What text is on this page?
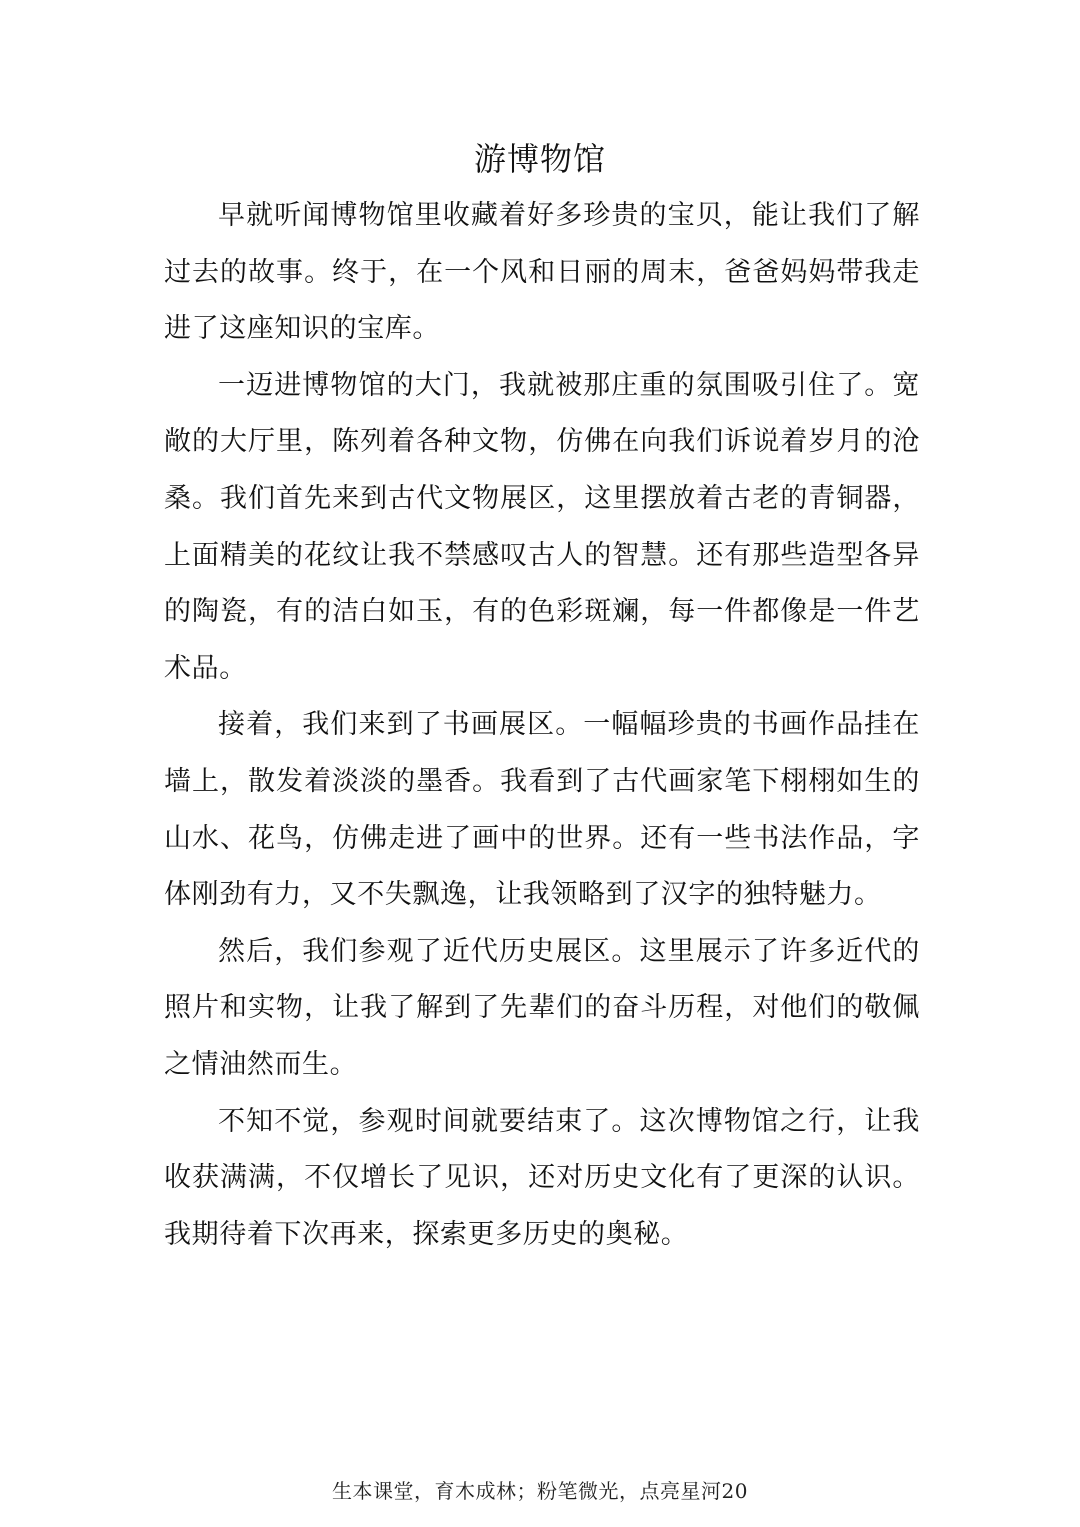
游博物馆

早就听闻博物馆里收藏着好多珍贵的宝贝，能让我们了解过去的故事。终于，在一个风和日丽的周末，爸爸妈妈带我走进了这座知识的宝库。

一迈进博物馆的大门，我就被那庄重的氛围吸引住了。宽敞的大厅里，陈列着各种文物，仿佛在向我们诉说着岁月的沧桑。我们首先来到古代文物展区，这里摆放着古老的青铜器，上面精美的花纹让我不禁感叹古人的智慧。还有那些造型各异的陶瓷，有的洁白如玉，有的色彩斑斓，每一件都像是一件艺术品。

接着，我们来到了书画展区。一幅幅珍贵的书画作品挂在墙上，散发着淡淡的墨香。我看到了古代画家笔下栩栩如生的山水、花鸟，仿佛走进了画中的世界。还有一些书法作品，字体刚劲有力，又不失飘逸，让我领略到了汉字的独特魅力。

然后，我们参观了近代历史展区。这里展示了许多近代的照片和实物，让我了解到了先辈们的奋斗历程，对他们的敬佩之情油然而生。

不知不觉，参观时间就要结束了。这次博物馆之行，让我收获满满，不仅增长了见识，还对历史文化有了更深的认识。我期待着下次再来，探索更多历史的奥秘。

生本课堂，育木成林；粉笔微光，点亮星河20
